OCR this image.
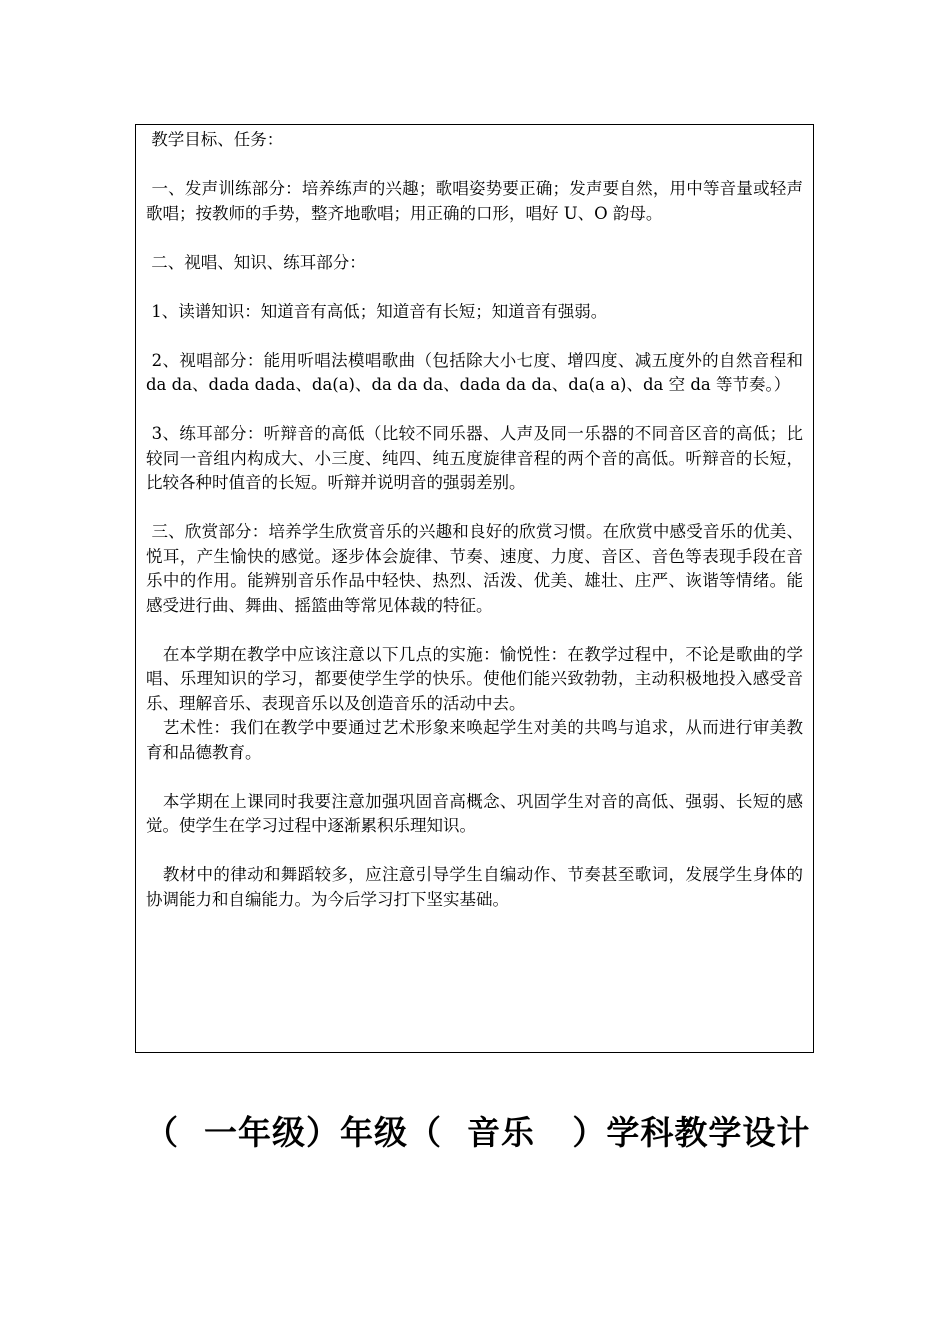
教学目标、任务：

一、发声训练部分：培养练声的兴趣；歌唱姿势要正确；发声要自然，用中等音量或轻声歌唱；按教师的手势，整齐地歌唱；用正确的口形，唱好 U、O 韵母。

二、视唱、知识、练耳部分：

1、读谱知识：知道音有高低；知道音有长短；知道音有强弱。

2、视唱部分：能用听唱法模唱歌曲（包括除大小七度、增四度、减五度外的自然音程和 da da、dada dada、da(a)、da da da、dada da da、da(a a)、da 空 da 等节奏。）

3、练耳部分：听辩音的高低（比较不同乐器、人声及同一乐器的不同音区音的高低；比较同一音组内构成大、小三度、纯四、纯五度旋律音程的两个音的高低。听辩音的长短，比较各种时值音的长短。听辩并说明音的强弱差别。

三、欣赏部分：培养学生欣赏音乐的兴趣和良好的欣赏习惯。在欣赏中感受音乐的优美、悦耳，产生愉快的感觉。逐步体会旋律、节奏、速度、力度、音区、音色等表现手段在音乐中的作用。能辨别音乐作品中轻快、热烈、活泼、优美、雄壮、庄严、诙谐等情绪。能感受进行曲、舞曲、摇篮曲等常见体裁的特征。

在本学期在教学中应该注意以下几点的实施：愉悦性：在教学过程中，不论是歌曲的学唱、乐理知识的学习，都要使学生学的快乐。使他们能兴致勃勃，主动积极地投入感受音乐、理解音乐、表现音乐以及创造音乐的活动中去。

艺术性：我们在教学中要通过艺术形象来唤起学生对美的共鸣与追求，从而进行审美教育和品德教育。

本学期在上课同时我要注意加强巩固音高概念、巩固学生对音的高低、强弱、长短的感觉。使学生在学习过程中逐渐累积乐理知识。

教材中的律动和舞蹈较多，应注意引导学生自编动作、节奏甚至歌词，发展学生身体的协调能力和自编能力。为今后学习打下坚实基础。

（  一年级）年级（  音乐   ）学科教学设计
